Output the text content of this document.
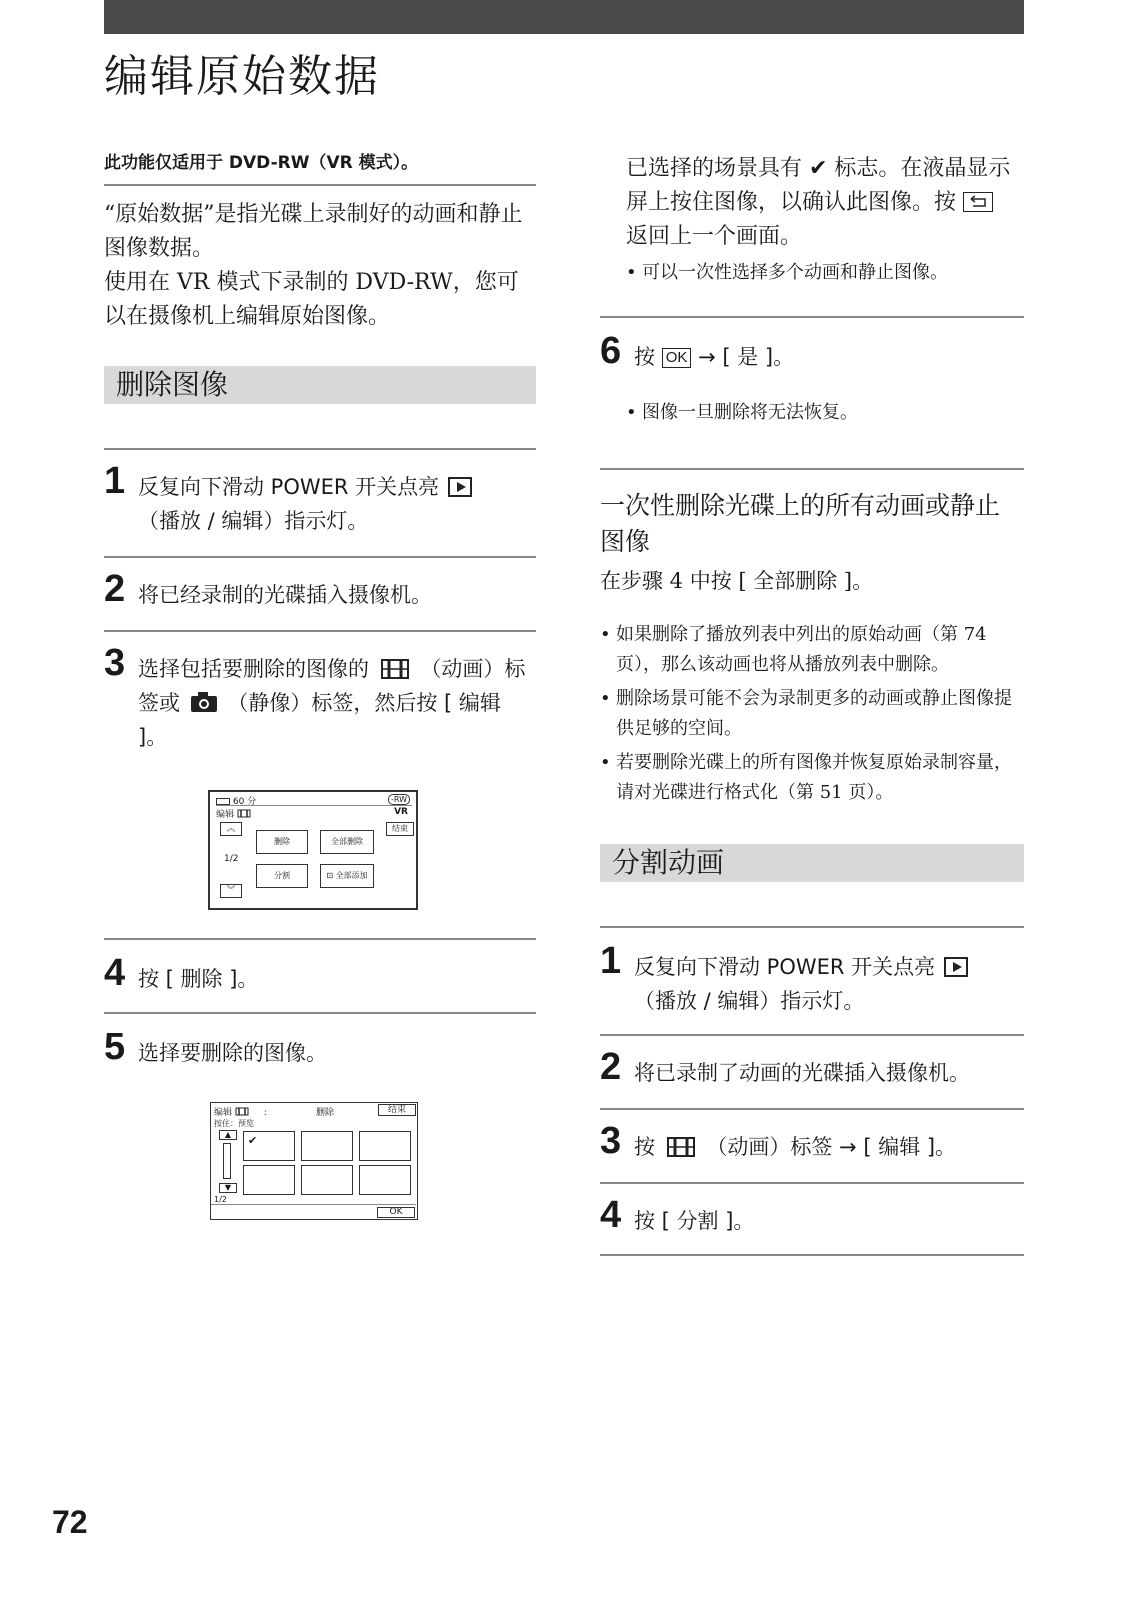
编辑原始数据
此功能仅适用于 DVD-RW（VR 模式）。
“原始数据”是指光碟上录制好的动画和静止图像数据。
使用在 VR 模式下录制的 DVD-RW，您可以在摄像机上编辑原始图像。
删除图像
1 反复向下滑动 POWER 开关点亮
（播放 / 编辑）指示灯。
2 将已经录制的光碟插入摄像机。
3 选择包括要删除的图像的 （动画）标签或 （静像）标签，然后按 [ 编辑 ]。
60 分	-RW
编辑	VR
︽	结束
删除	全部删除
1/2
分割	⊡ 全部添加
︾
4 按 [ 删除 ]。
5 选择要删除的图像。
编辑	:	删除	结束
按住：预览
▲
▼
1/2
✔
OK
已选择的场景具有 ✔ 标志。在液晶显示屏上按住图像，以确认此图像。按
返回上一个画面。
• 可以一次性选择多个动画和静止图像。
6 按 OK → [ 是 ]。
• 图像一旦删除将无法恢复。
一次性删除光碟上的所有动画或静止图像
在步骤 4 中按 [ 全部删除 ]。
• 如果删除了播放列表中列出的原始动画（第 74 页），那么该动画也将从播放列表中删除。
• 删除场景可能不会为录制更多的动画或静止图像提供足够的空间。
• 若要删除光碟上的所有图像并恢复原始录制容量，请对光碟进行格式化（第 51 页）。
分割动画
1 反复向下滑动 POWER 开关点亮
（播放 / 编辑）指示灯。
2 将已录制了动画的光碟插入摄像机。
3 按 （动画）标签 → [ 编辑 ]。
4 按 [ 分割 ]。
72
